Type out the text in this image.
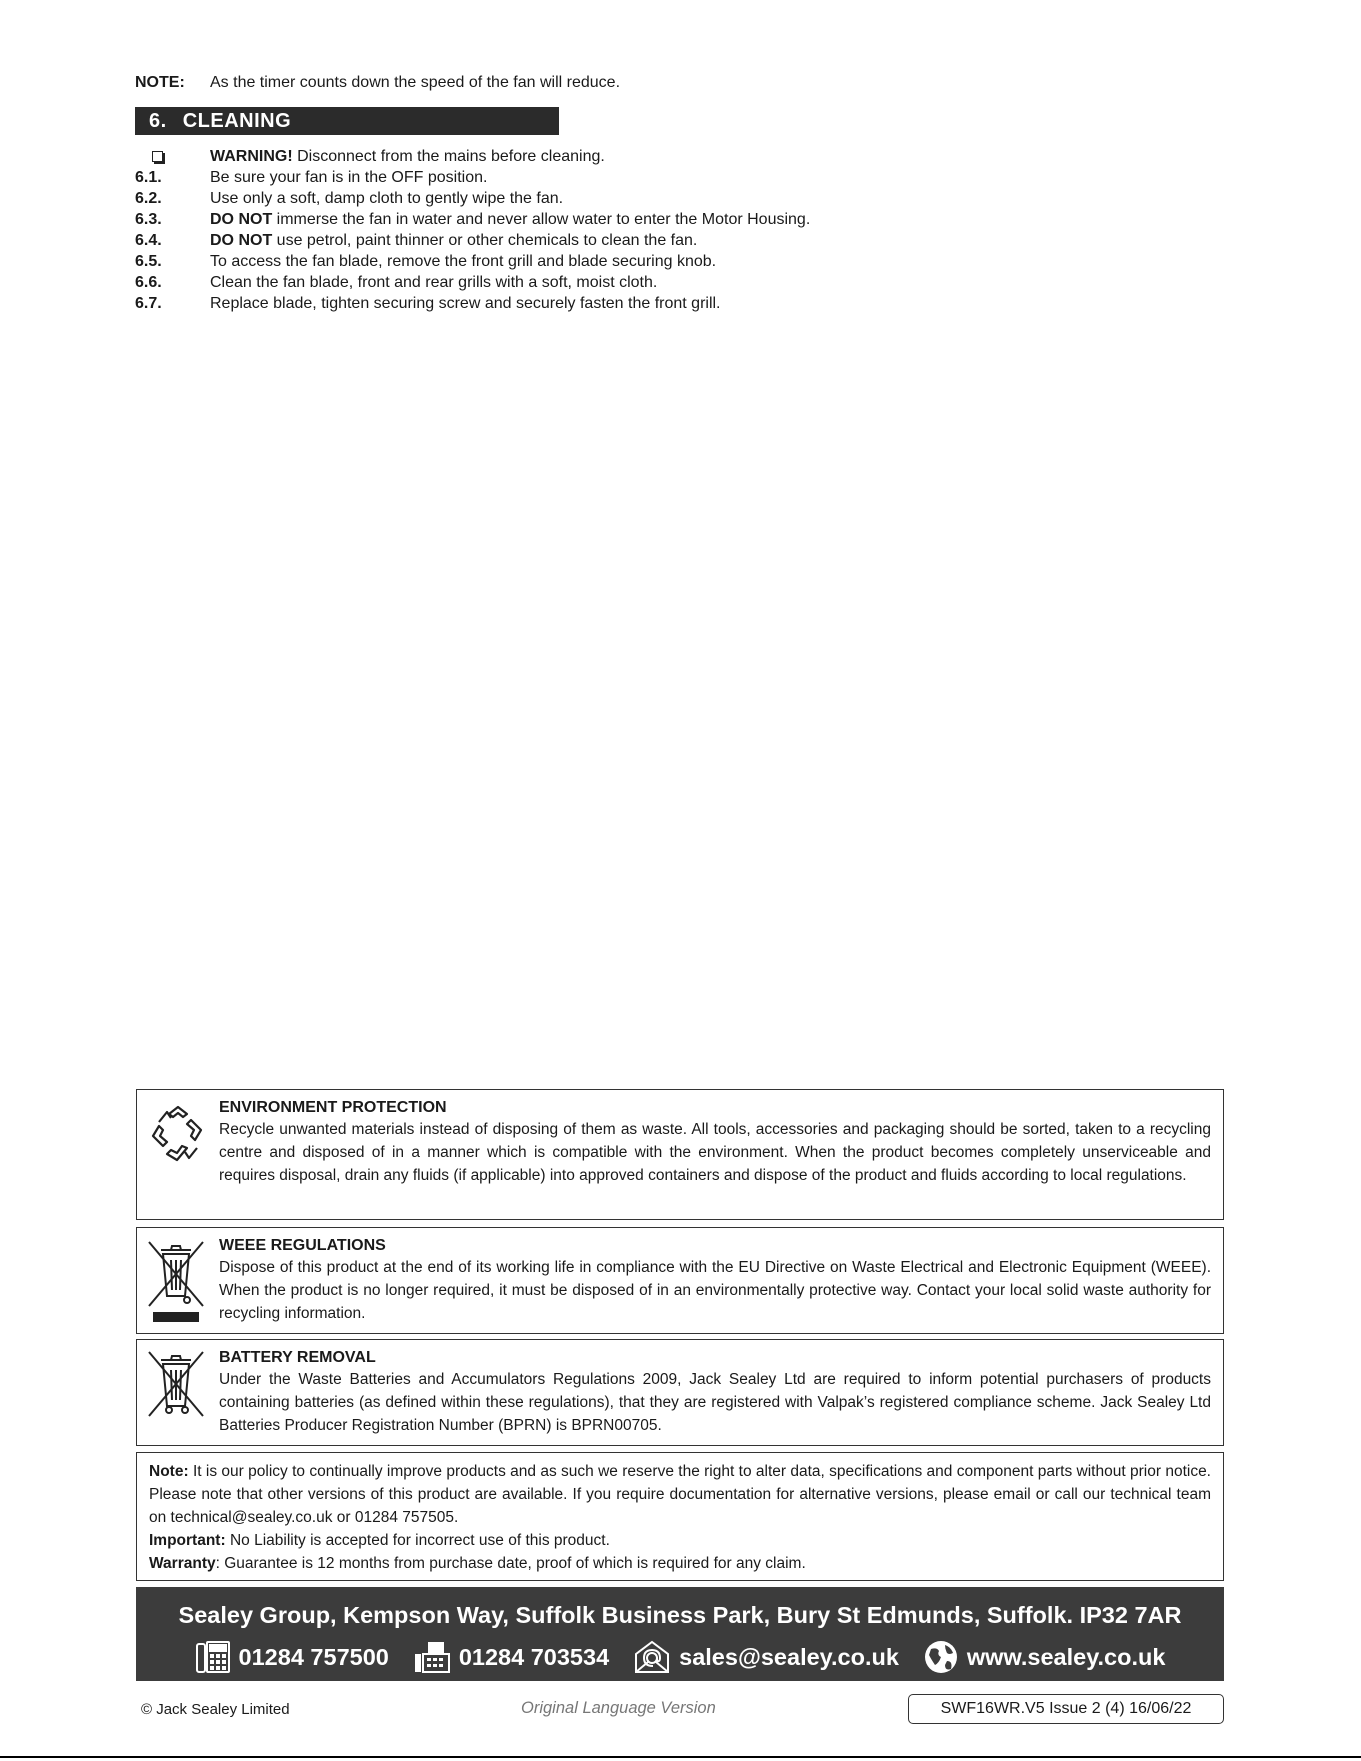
NOTE: As the timer counts down the speed of the fan will reduce.
6. CLEANING
WARNING! Disconnect from the mains before cleaning.
6.1.	Be sure your fan is in the OFF position.
6.2.	Use only a soft, damp cloth to gently wipe the fan.
6.3.	DO NOT immerse the fan in water and never allow water to enter the Motor Housing.
6.4.	DO NOT use petrol, paint thinner or other chemicals to clean the fan.
6.5.	To access the fan blade, remove the front grill and blade securing knob.
6.6.	Clean the fan blade, front and rear grills with a soft, moist cloth.
6.7.	Replace blade, tighten securing screw and securely fasten the front grill.
ENVIRONMENT PROTECTION
Recycle unwanted materials instead of disposing of them as waste. All tools, accessories and packaging should be sorted, taken to a recycling centre and disposed of in a manner which is compatible with the environment. When the product becomes completely unserviceable and requires disposal, drain any fluids (if applicable) into approved containers and dispose of the product and fluids according to local regulations.
WEEE REGULATIONS
Dispose of this product at the end of its working life in compliance with the EU Directive on Waste Electrical and Electronic Equipment (WEEE). When the product is no longer required, it must be disposed of in an environmentally protective way. Contact your local solid waste authority for recycling information.
BATTERY REMOVAL
Under the Waste Batteries and Accumulators Regulations 2009, Jack Sealey Ltd are required to inform potential purchasers of products containing batteries (as defined within these regulations), that they are registered with Valpak’s registered compliance scheme. Jack Sealey Ltd Batteries Producer Registration Number (BPRN) is BPRN00705.

Note: It is our policy to continually improve products and as such we reserve the right to alter data, specifications and component parts without prior notice. Please note that other versions of this product are available. If you require documentation for alternative versions, please email or call our technical team on technical@sealey.co.uk or 01284 757505.

Important: No Liability is accepted for incorrect use of this product.

Warranty: Guarantee is 12 months from purchase date, proof of which is required for any claim.

Sealey Group, Kempson Way, Suffolk Business Park, Bury St Edmunds, Suffolk. IP32 7AR
01284 757500	01284 703534	sales@sealey.co.uk	www.sealey.co.uk
© Jack Sealey Limited	Original Language Version	SWF16WR.V5 Issue 2 (4) 16/06/22
